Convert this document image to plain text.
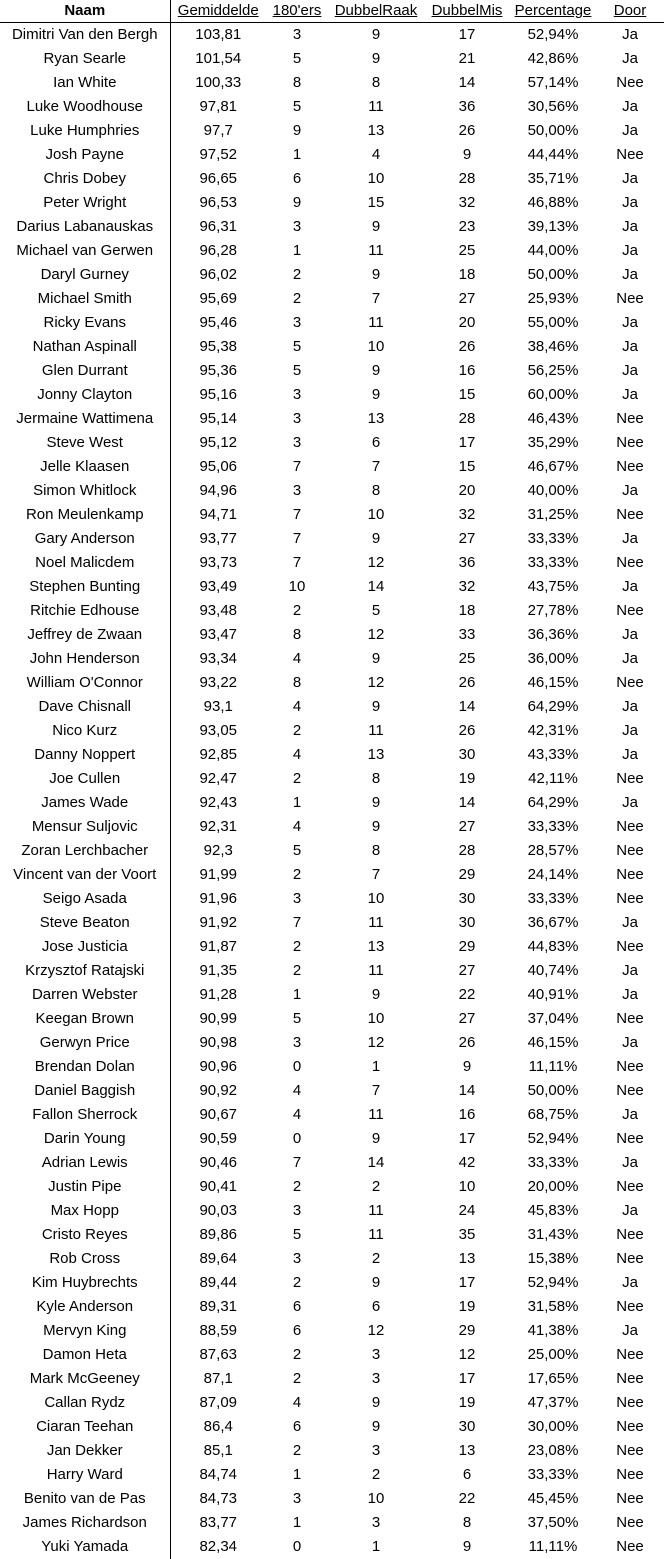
Naam	Gemiddelde	180'ers	DubbelRaak	DubbelMis	Percentage	Door
Dimitri Van den Bergh	103,81	3	9	17	52,94%	Ja
Ryan Searle	101,54	5	9	21	42,86%	Ja
Ian White	100,33	8	8	14	57,14%	Nee
Luke Woodhouse	97,81	5	11	36	30,56%	Ja
Luke Humphries	97,7	9	13	26	50,00%	Ja
Josh Payne	97,52	1	4	9	44,44%	Nee
Chris Dobey	96,65	6	10	28	35,71%	Ja
Peter Wright	96,53	9	15	32	46,88%	Ja
Darius Labanauskas	96,31	3	9	23	39,13%	Ja
Michael van Gerwen	96,28	1	11	25	44,00%	Ja
Daryl Gurney	96,02	2	9	18	50,00%	Ja
Michael Smith	95,69	2	7	27	25,93%	Nee
Ricky Evans	95,46	3	11	20	55,00%	Ja
Nathan Aspinall	95,38	5	10	26	38,46%	Ja
Glen Durrant	95,36	5	9	16	56,25%	Ja
Jonny Clayton	95,16	3	9	15	60,00%	Ja
Jermaine Wattimena	95,14	3	13	28	46,43%	Nee
Steve West	95,12	3	6	17	35,29%	Nee
Jelle Klaasen	95,06	7	7	15	46,67%	Nee
Simon Whitlock	94,96	3	8	20	40,00%	Ja
Ron Meulenkamp	94,71	7	10	32	31,25%	Nee
Gary Anderson	93,77	7	9	27	33,33%	Ja
Noel Malicdem	93,73	7	12	36	33,33%	Nee
Stephen Bunting	93,49	10	14	32	43,75%	Ja
Ritchie Edhouse	93,48	2	5	18	27,78%	Nee
Jeffrey de Zwaan	93,47	8	12	33	36,36%	Ja
John Henderson	93,34	4	9	25	36,00%	Ja
William O'Connor	93,22	8	12	26	46,15%	Nee
Dave Chisnall	93,1	4	9	14	64,29%	Ja
Nico Kurz	93,05	2	11	26	42,31%	Ja
Danny Noppert	92,85	4	13	30	43,33%	Ja
Joe Cullen	92,47	2	8	19	42,11%	Nee
James Wade	92,43	1	9	14	64,29%	Ja
Mensur Suljovic	92,31	4	9	27	33,33%	Nee
Zoran Lerchbacher	92,3	5	8	28	28,57%	Nee
Vincent van der Voort	91,99	2	7	29	24,14%	Nee
Seigo Asada	91,96	3	10	30	33,33%	Nee
Steve Beaton	91,92	7	11	30	36,67%	Ja
Jose Justicia	91,87	2	13	29	44,83%	Nee
Krzysztof Ratajski	91,35	2	11	27	40,74%	Ja
Darren Webster	91,28	1	9	22	40,91%	Ja
Keegan Brown	90,99	5	10	27	37,04%	Nee
Gerwyn Price	90,98	3	12	26	46,15%	Ja
Brendan Dolan	90,96	0	1	9	11,11%	Nee
Daniel Baggish	90,92	4	7	14	50,00%	Nee
Fallon Sherrock	90,67	4	11	16	68,75%	Ja
Darin Young	90,59	0	9	17	52,94%	Nee
Adrian Lewis	90,46	7	14	42	33,33%	Ja
Justin Pipe	90,41	2	2	10	20,00%	Nee
Max Hopp	90,03	3	11	24	45,83%	Ja
Cristo Reyes	89,86	5	11	35	31,43%	Nee
Rob Cross	89,64	3	2	13	15,38%	Nee
Kim Huybrechts	89,44	2	9	17	52,94%	Ja
Kyle Anderson	89,31	6	6	19	31,58%	Nee
Mervyn King	88,59	6	12	29	41,38%	Ja
Damon Heta	87,63	2	3	12	25,00%	Nee
Mark McGeeney	87,1	2	3	17	17,65%	Nee
Callan Rydz	87,09	4	9	19	47,37%	Nee
Ciaran Teehan	86,4	6	9	30	30,00%	Nee
Jan Dekker	85,1	2	3	13	23,08%	Nee
Harry Ward	84,74	1	2	6	33,33%	Nee
Benito van de Pas	84,73	3	10	22	45,45%	Nee
James Richardson	83,77	1	3	8	37,50%	Nee
Yuki Yamada	82,34	0	1	9	11,11%	Nee
